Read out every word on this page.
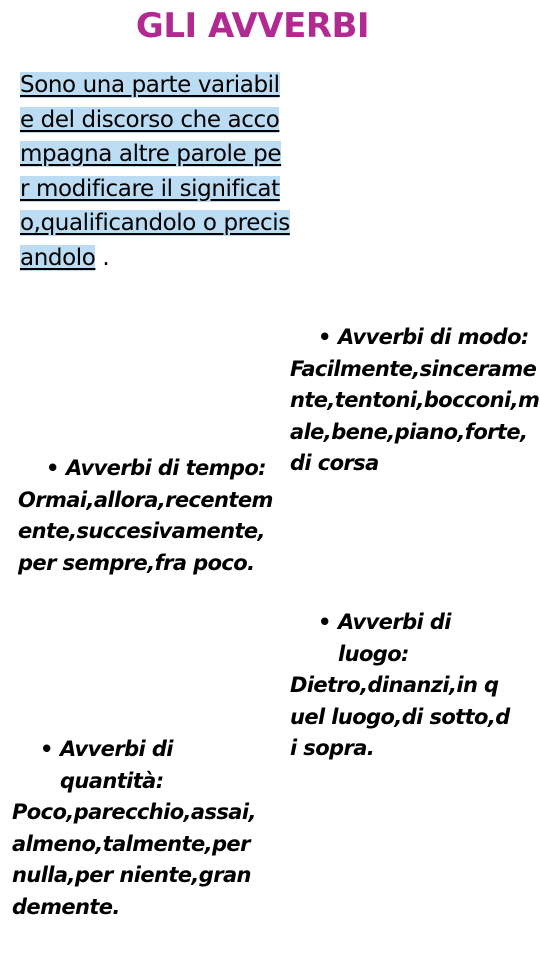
GLI AVVERBI
Sono una parte variabile del discorso che accompagna altre parole per modificare il significato,qualificandolo o precisandolo .
• Avverbi di modo:
Facilmente,sinceramente,tentoni,bocconi,male,bene,piano,forte,di corsa
• Avverbi di tempo:
Ormai,allora,recentemente,succesivamente,per sempre,fra poco.
• Avverbi di luogo:
Dietro,dinanzi,in quel luogo,di sotto,di sopra.
• Avverbi di quantità:
Poco,parecchio,assai,almeno,talmente,per nulla,per niente,grandemente.
